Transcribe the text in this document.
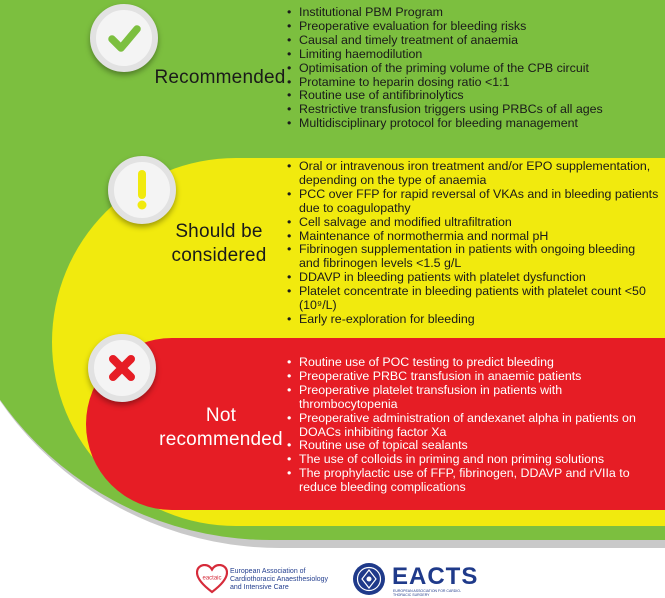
Recommended
• Institutional PBM Program
• Preoperative evaluation for bleeding risks
• Causal and timely treatment of anaemia
• Limiting haemodilution
• Optimisation of the priming volume of the CPB circuit
• Protamine to heparin dosing ratio <1:1
• Routine use of antifibrinolytics
• Restrictive transfusion triggers using PRBCs of all ages
• Multidisciplinary protocol for bleeding management
Should be considered
• Oral or intravenous iron treatment and/or EPO supplementation, depending on the type of anaemia
• PCC over FFP for rapid reversal of VKAs and in bleeding patients due to coagulopathy
• Cell salvage and modified ultrafiltration
• Maintenance of normothermia and normal pH
• Fibrinogen supplementation in patients with ongoing bleeding and fibrinogen levels <1.5 g/L
• DDAVP in bleeding patients with platelet dysfunction
• Platelet concentrate in bleeding patients with platelet count <50 (10⁹/L)
• Early re-exploration for bleeding
Not recommended
• Routine use of POC testing to predict bleeding
• Preoperative PRBC transfusion in anaemic patients
• Preoperative platelet transfusion in patients with thrombocytopenia
• Preoperative administration of andexanet alpha in patients on DOACs inhibiting factor Xa
• Routine use of topical sealants
• The use of colloids in priming and non priming solutions
• The prophylactic use of FFP, fibrinogen, DDAVP and rVIIa to reduce bleeding complications
eactaic
European Association of Cardiothoracic Anaesthesiology and Intensive Care	EACTS
EUROPEAN ASSOCIATION FOR CARDIO-THORACIC SURGERY
